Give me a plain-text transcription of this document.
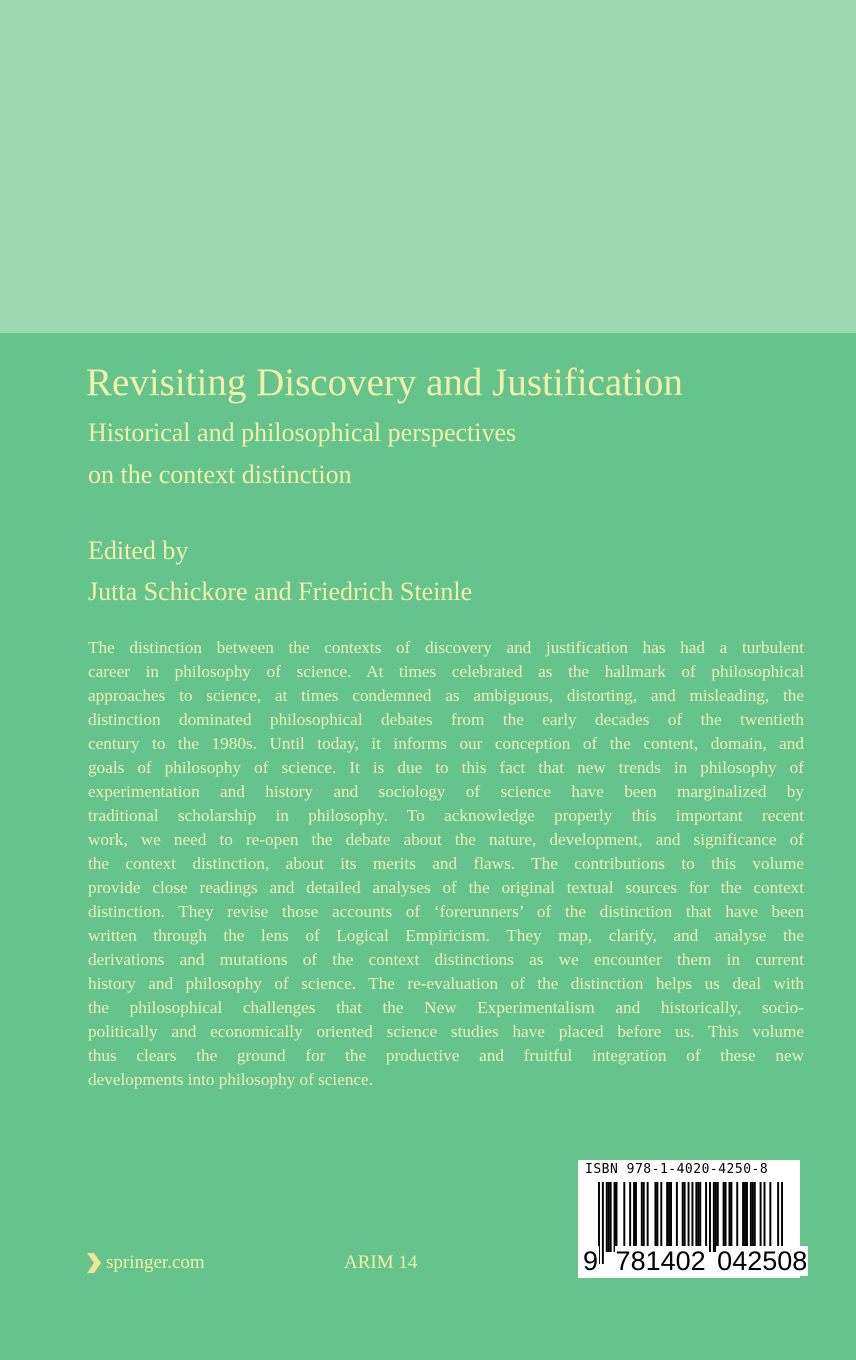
Revisiting Discovery and Justification
Historical and philosophical perspectives
on the context distinction
Edited by
Jutta Schickore and Friedrich Steinle
The distinction between the contexts of discovery and justification has had a turbulent
career in philosophy of science. At times celebrated as the hallmark of philosophical
approaches to science, at times condemned as ambiguous, distorting, and misleading, the
distinction dominated philosophical debates from the early decades of the twentieth
century to the 1980s. Until today, it informs our conception of the content, domain, and
goals of philosophy of science. It is due to this fact that new trends in philosophy of
experimentation and history and sociology of science have been marginalized by
traditional scholarship in philosophy. To acknowledge properly this important recent
work, we need to re-open the debate about the nature, development, and significance of
the context distinction, about its merits and flaws. The contributions to this volume
provide close readings and detailed analyses of the original textual sources for the context
distinction. They revise those accounts of ‘forerunners’ of the distinction that have been
written through the lens of Logical Empiricism. They map, clarify, and analyse the
derivations and mutations of the context distinctions as we encounter them in current
history and philosophy of science. The re-evaluation of the distinction helps us deal with
the philosophical challenges that the New Experimentalism and historically, socio-
politically and economically oriented science studies have placed before us. This volume
thus clears the ground for the productive and fruitful integration of these new
developments into philosophy of science.
springer.com	ARIM 14
ISBN 978-1-4020-4250-8
9 781402 042508
